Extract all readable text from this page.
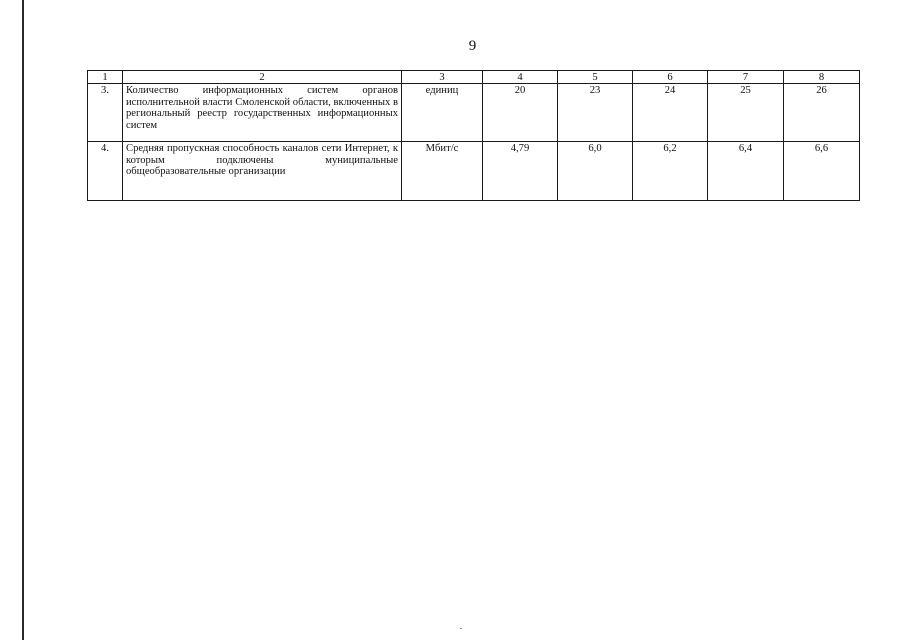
9
1	2	3	4	5	6	7	8
3.	Количество информационных систем органов исполнительной власти Смоленской области, включенных в региональный реестр государственных информационных систем	единиц	20	23	24	25	26
4.	Средняя пропускная способность каналов сети Интернет, к которым подключены муниципальные общеобразовательные организации	Мбит/с	4,79	6,0	6,2	6,4	6,6
